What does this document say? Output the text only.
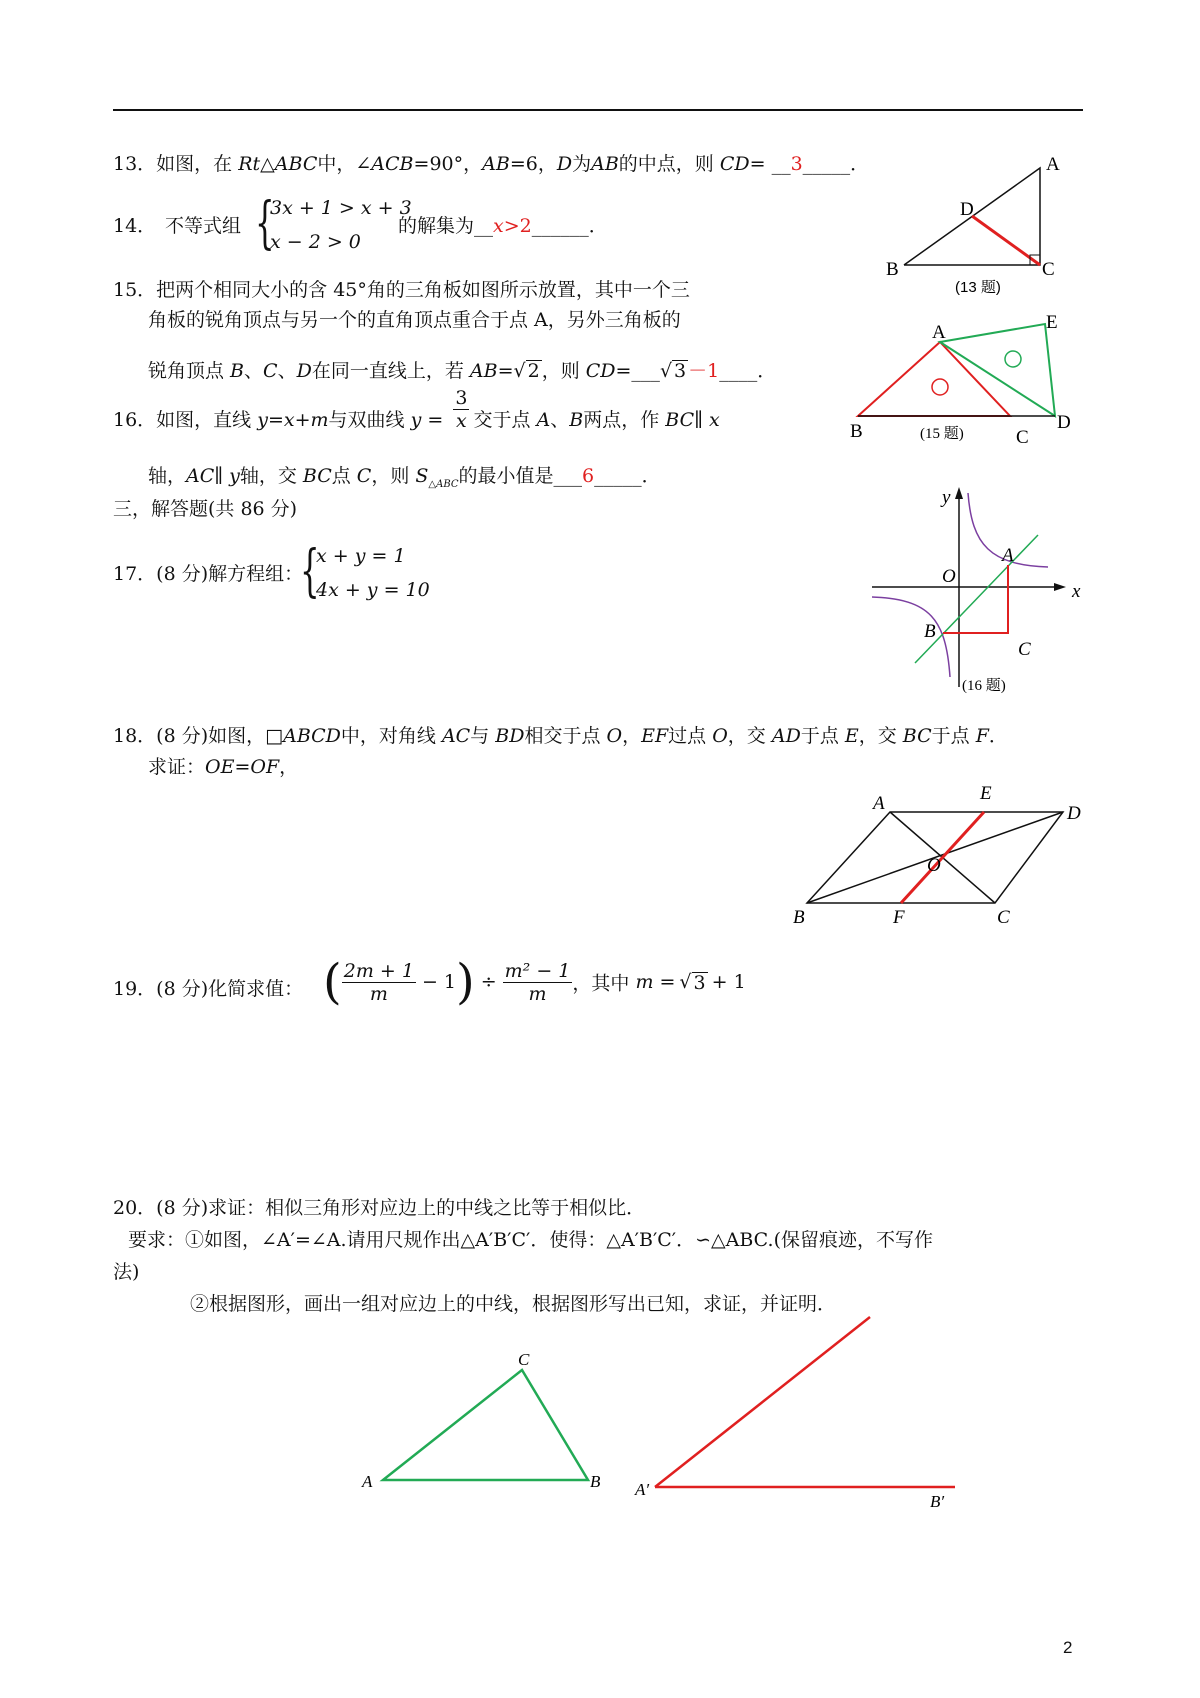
13．如图，在 Rt△ABC中，∠ACB=90°，AB=6，D为AB的中点，则 CD= __3_____．
14． 不等式组 {
3x + 1 > x + 3
x − 2 > 0
的解集为__x>2______．
15．把两个相同大小的含 45°角的三角板如图所示放置，其中一个三
角板的锐角顶点与另一个的直角顶点重合于点 A，另外三角板的
锐角顶点 B、C、D在同一直线上，若 AB=√ 2 ，则 CD=___√ 3 －1____．
16．如图，直线 y=x+m与双曲线 $y = \frac{3}{x}$ 交于点 A、B两点，作 BC∥ x
轴，AC∥ y轴，交 BC点 C，则 $S_{\triangle ABC}$的最小值是___6_____．
三，解答题(共 86 分)
17．(8 分)解方程组：
{
x + y = 1
4x + y = 10
18．(8 分)如图，□ABCD中，对角线 AC与 BD相交于点 O，EF过点 O，交 AD于点 E，交 BC于点 F．
求证：OE=OF，
19．(8 分)化简求值： ( $\frac{2m + 1}{m} - 1) \div \frac{\text{m² − 1}}{m}$ ，其中 m = √ 3 + 1
20．(8 分)求证：相似三角形对应边上的中线之比等于相似比．
要求：①如图，∠A′=∠A.请用尺规作出△A′B′C′．使得：△A′B′C′．∽△ABC.(保留痕迹，不写作
法)
②根据图形，画出一组对应边上的中线，根据图形写出已知，求证，并证明．
A
D
B	C
(13 题)
A	E
B	C
D
(15 题)
y
x
O
A
B
C
(16 题)
A	E
D
O
B	F	C
A
C
B A′
B′
2
